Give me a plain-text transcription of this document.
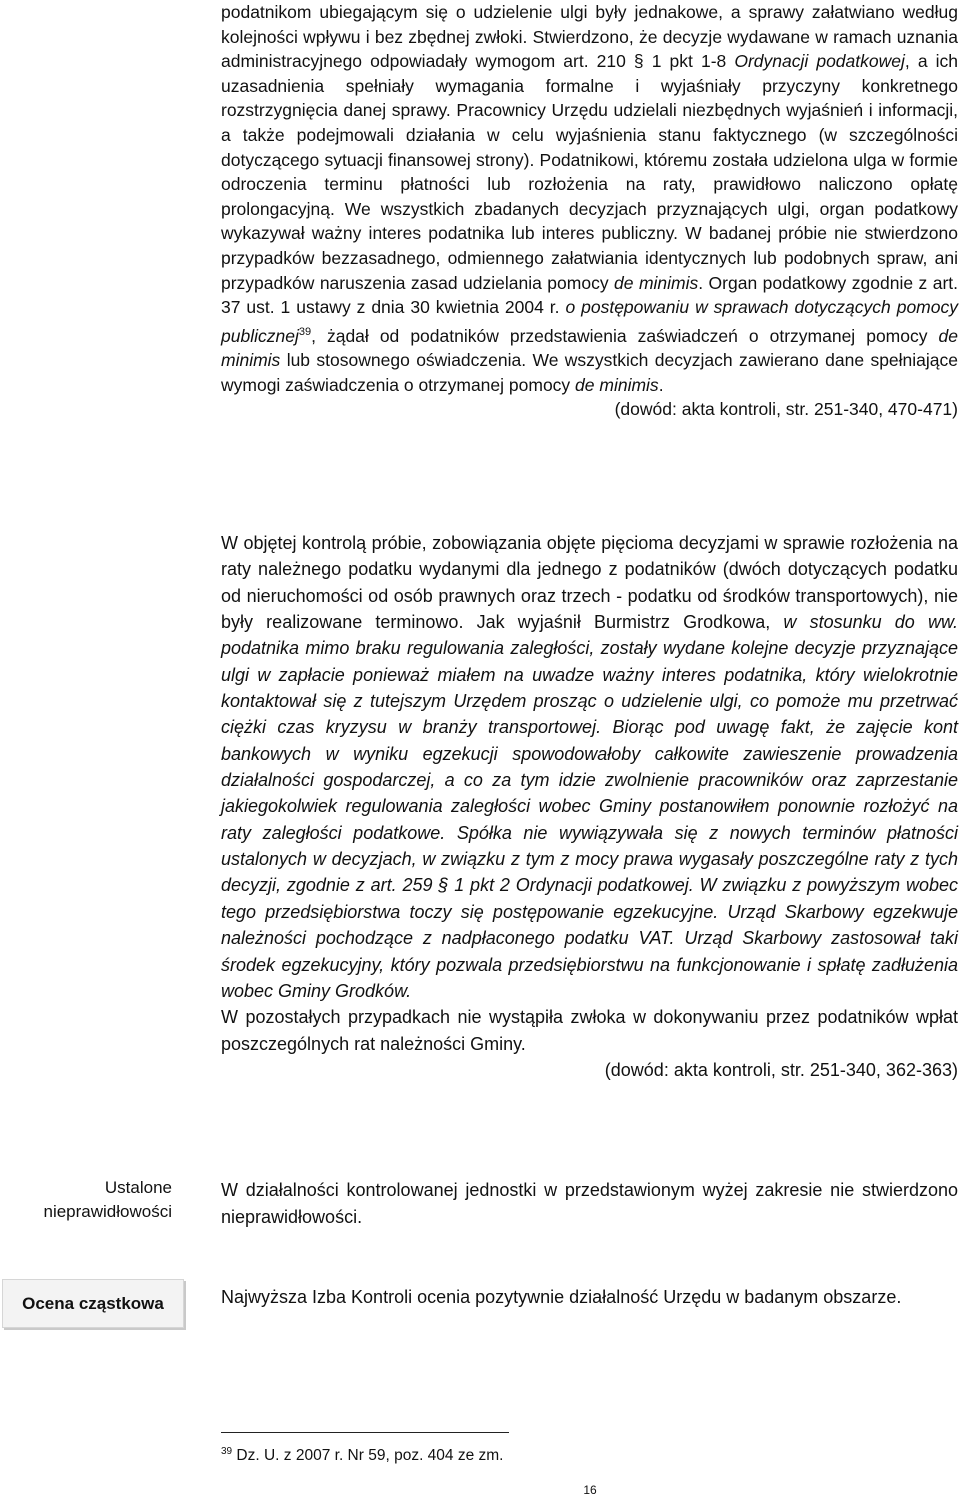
podatnikom ubiegającym się o udzielenie ulgi były jednakowe, a sprawy załatwiano według kolejności wpływu i bez zbędnej zwłoki. Stwierdzono, że decyzje wydawane w ramach uznania administracyjnego odpowiadały wymogom art. 210 § 1 pkt 1-8 Ordynacji podatkowej, a ich uzasadnienia spełniały wymagania formalne i wyjaśniały przyczyny konkretnego rozstrzygnięcia danej sprawy. Pracownicy Urzędu udzielali niezbędnych wyjaśnień i informacji, a także podejmowali działania w celu wyjaśnienia stanu faktycznego (w szczególności dotyczącego sytuacji finansowej strony). Podatnikowi, któremu została udzielona ulga w formie odroczenia terminu płatności lub rozłożenia na raty, prawidłowo naliczono opłatę prolongacyjną. We wszystkich zbadanych decyzjach przyznających ulgi, organ podatkowy wykazywał ważny interes podatnika lub interes publiczny. W badanej próbie nie stwierdzono przypadków bezzasadnego, odmiennego załatwiania identycznych lub podobnych spraw, ani przypadków naruszenia zasad udzielania pomocy de minimis. Organ podatkowy zgodnie z art. 37 ust. 1 ustawy z dnia 30 kwietnia 2004 r. o postępowaniu w sprawach dotyczących pomocy publicznej$^{39}$, żądał od podatników przedstawienia zaświadczeń o otrzymanej pomocy de minimis lub stosownego oświadczenia. We wszystkich decyzjach zawierano dane spełniające wymogi zaświadczenia o otrzymanej pomocy de minimis.

(dowód: akta kontroli, str. 251-340, 470-471)

W objętej kontrolą próbie, zobowiązania objęte pięcioma decyzjami w sprawie rozłożenia na raty należnego podatku wydanymi dla jednego z podatników (dwóch dotyczących podatku od nieruchomości od osób prawnych oraz trzech - podatku od środków transportowych), nie były realizowane terminowo. Jak wyjaśnił Burmistrz Grodkowa, w stosunku do ww. podatnika mimo braku regulowania zaległości, zostały wydane kolejne decyzje przyznające ulgi w zapłacie ponieważ miałem na uwadze ważny interes podatnika, który wielokrotnie kontaktował się z tutejszym Urzędem prosząc o udzielenie ulgi, co pomoże mu przetrwać ciężki czas kryzysu w branży transportowej. Biorąc pod uwagę fakt, że zajęcie kont bankowych w wyniku egzekucji spowodowałoby całkowite zawieszenie prowadzenia działalności gospodarczej, a co za tym idzie zwolnienie pracowników oraz zaprzestanie jakiegokolwiek regulowania zaległości wobec Gminy postanowiłem ponownie rozłożyć na raty zaległości podatkowe. Spółka nie wywiązywała się z nowych terminów płatności ustalonych w decyzjach, w związku z tym z mocy prawa wygasały poszczególne raty z tych decyzji, zgodnie z art. 259 § 1 pkt 2 Ordynacji podatkowej. W związku z powyższym wobec tego przedsiębiorstwa toczy się postępowanie egzekucyjne. Urząd Skarbowy egzekwuje należności pochodzące z nadpłaconego podatku VAT. Urząd Skarbowy zastosował taki środek egzekucyjny, który pozwala przedsiębiorstwu na funkcjonowanie i spłatę zadłużenia wobec Gminy Grodków.

W pozostałych przypadkach nie wystąpiła zwłoka w dokonywaniu przez podatników wpłat poszczególnych rat należności Gminy.

(dowód: akta kontroli, str. 251-340, 362-363)

Ustalone nieprawidłowości
W działalności kontrolowanej jednostki w przedstawionym wyżej zakresie nie stwierdzono nieprawidłowości.
Ocena cząstkowa	Najwyższa Izba Kontroli ocenia pozytywnie działalność Urzędu w badanym obszarze.
$^{39}$ Dz. U. z 2007 r. Nr 59, poz. 404 ze zm.
16
